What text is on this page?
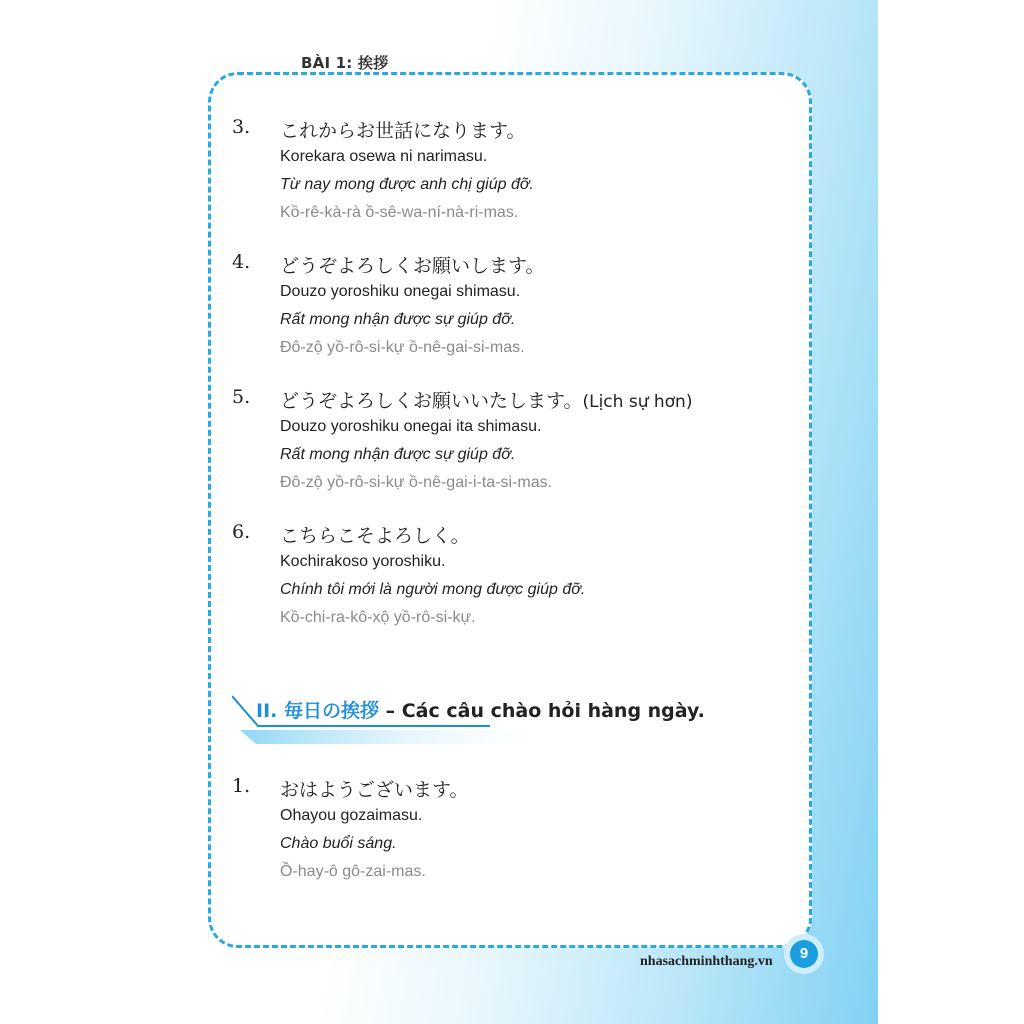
BÀI 1: 挨拶
3. これからお世話になります。
Korekara osewa ni narimasu.
Từ nay mong được anh chị giúp đỡ.
Kồ-rê-kà-rà ồ-sê-wa-ní-nà-ri-mas.
4. どうぞよろしくお願いします。
Douzo yoroshiku onegai shimasu.
Rất mong nhận được sự giúp đỡ.
Đô-zộ yồ-rô-si-kự ồ-nê-gai-si-mas.
5. どうぞよろしくお願いいたします。(Lịch sự hơn)
Douzo yoroshiku onegai ita shimasu.
Rất mong nhận được sự giúp đỡ.
Đô-zộ yồ-rô-si-kự ồ-nê-gai-i-ta-si-mas.
6. こちらこそよろしく。
Kochirakoso yoroshiku.
Chính tôi mới là người mong được giúp đỡ.
Kồ-chi-ra-kô-xộ yồ-rô-si-kự.
II. 毎日の挨拶 – Các câu chào hỏi hàng ngày.
1. おはようございます。
Ohayou gozaimasu.
Chào buổi sáng.
Ồ-hay-ô gô-zai-mas.
nhasachminhthang.vn	9
